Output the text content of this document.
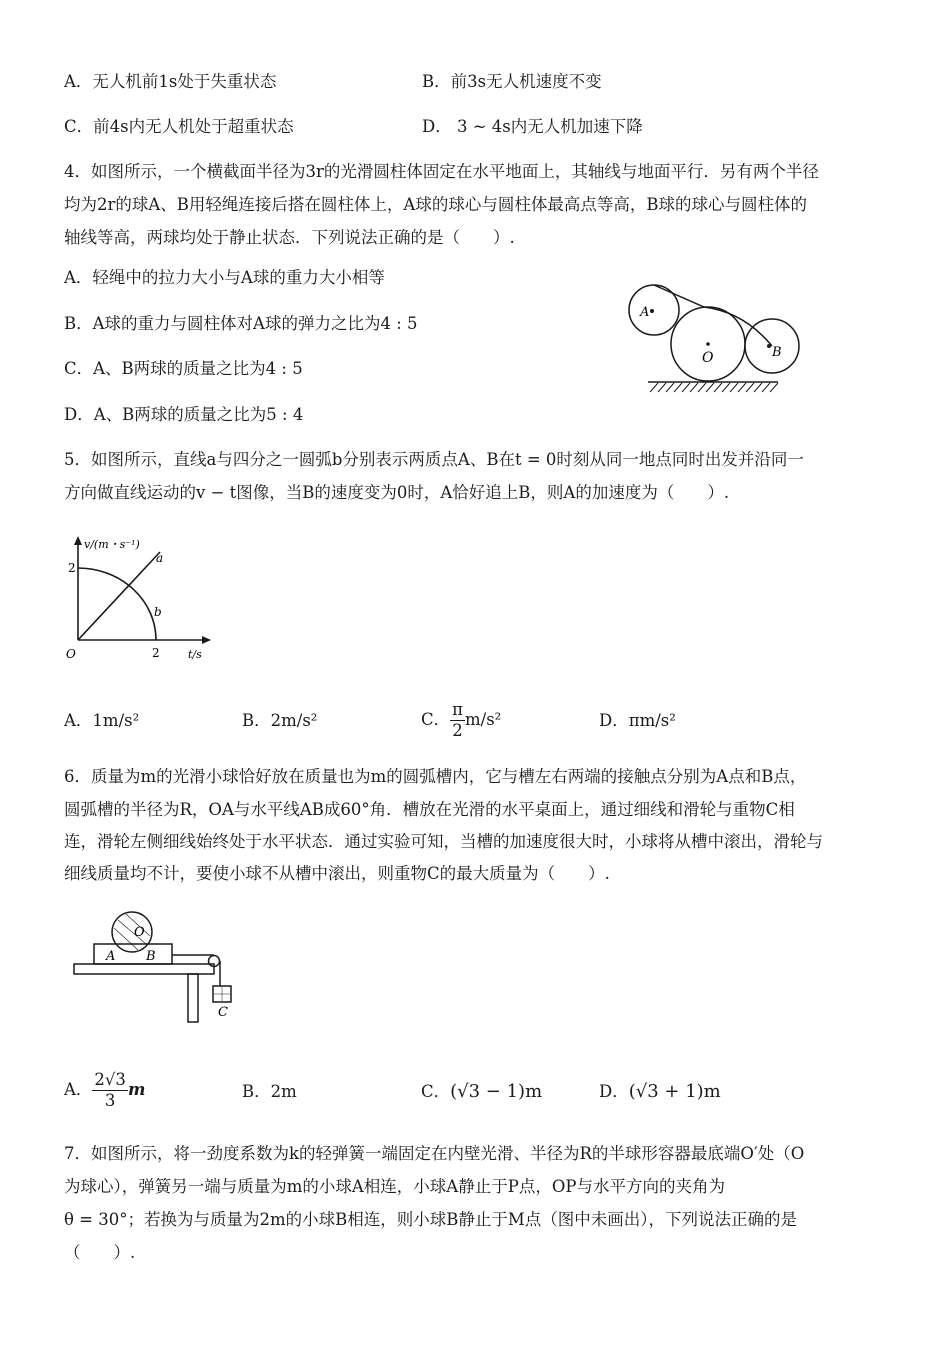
A．无人机前1s处于失重状态	B．前3s无人机速度不变
C．前4s内无人机处于超重状态	D． 3 ~ 4s内无人机加速下降
4．如图所示，一个横截面半径为3r的光滑圆柱体固定在水平地面上，其轴线与地面平行．另有两个半径
均为2r的球A、B用轻绳连接后搭在圆柱体上，A球的球心与圆柱体最高点等高，B球的球心与圆柱体的
轴线等高，两球均处于静止状态．下列说法正确的是（　　）.
A．轻绳中的拉力大小与A球的重力大小相等
B．A球的重力与圆柱体对A球的弹力之比为4 : 5
C．A、B两球的质量之比为4 : 5
D．A、B两球的质量之比为5 : 4
A
O	B
5．如图所示，直线a与四分之一圆弧b分别表示两质点A、B在t = 0时刻从同一地点同时出发并沿同一
方向做直线运动的v − t图像，当B的速度变为0时，A恰好追上B，则A的加速度为（　　）.
v/(m・s⁻¹)
t/s
O
2
2
a
b
A．1m/s²	B．2m/s²	C． $\frac{\pi}{2} m/s^2$	D．πm/s²
6．质量为m的光滑小球恰好放在质量也为m的圆弧槽内，它与槽左右两端的接触点分别为A点和B点，
圆弧槽的半径为R，OA与水平线AB成60°角．槽放在光滑的水平桌面上，通过细线和滑轮与重物C相
连，滑轮左侧细线始终处于水平状态．通过实验可知，当槽的加速度很大时，小球将从槽中滚出，滑轮与
细线质量均不计，要使小球不从槽中滚出，则重物C的最大质量为（　　）.
O
A B
C
A． $\frac{2√3}{3}$ m	B．2m	C．(√3 − 1)m	D．(√3 + 1)m
7．如图所示，将一劲度系数为k的轻弹簧一端固定在内壁光滑、半径为R的半球形容器最底端O′处（O
为球心），弹簧另一端与质量为m的小球A相连，小球A静止于P点，OP与水平方向的夹角为
θ = 30°；若换为与质量为2m的小球B相连，则小球B静止于M点（图中未画出），下列说法正确的是
（　　）.
